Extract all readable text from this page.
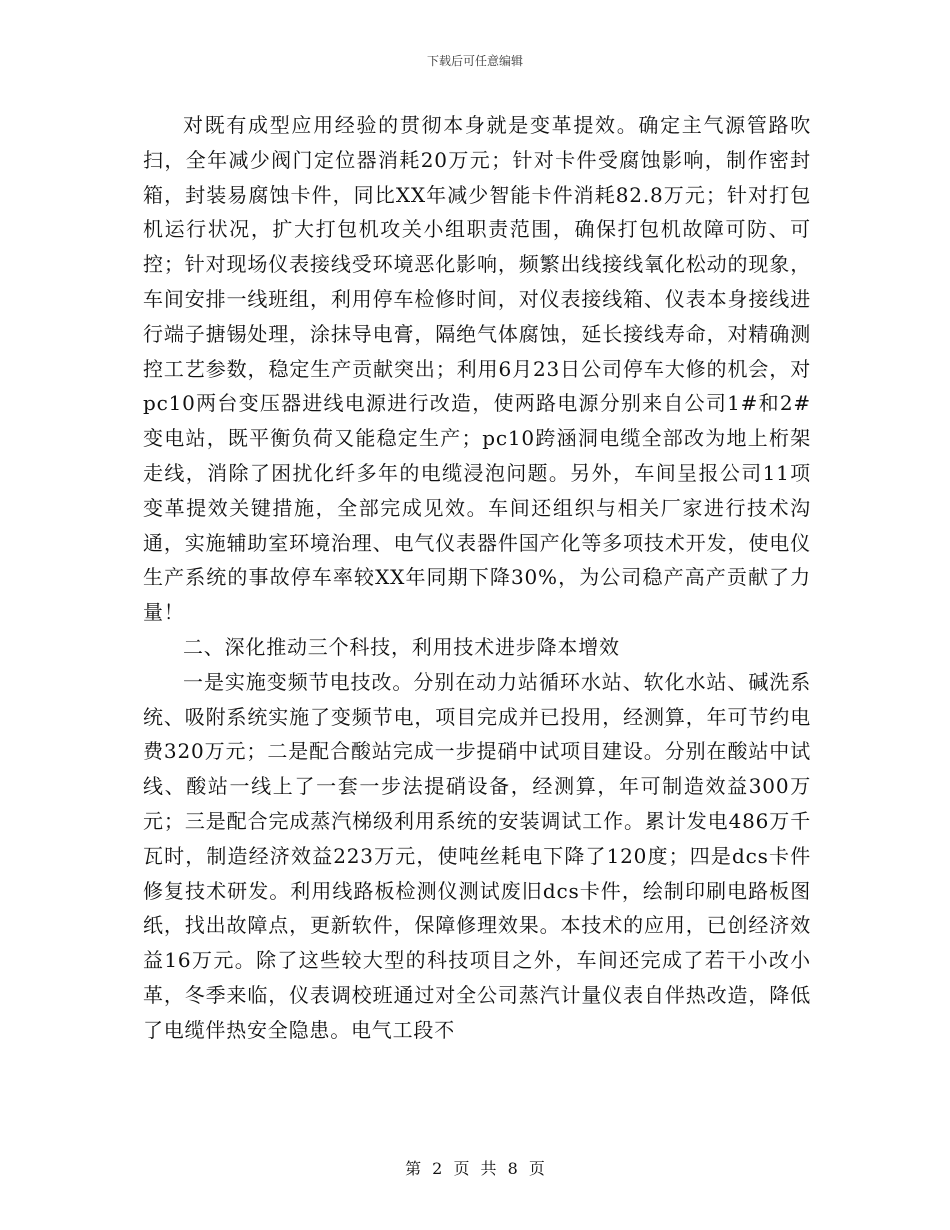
下载后可任意编辑

对既有成型应用经验的贯彻本身就是变革提效。确定主气源管路吹扫，全年减少阀门定位器消耗20万元；针对卡件受腐蚀影响，制作密封箱，封装易腐蚀卡件，同比XX年减少智能卡件消耗82.8万元；针对打包机运行状况，扩大打包机攻关小组职责范围，确保打包机故障可防、可控；针对现场仪表接线受环境恶化影响，频繁出线接线氧化松动的现象，车间安排一线班组，利用停车检修时间，对仪表接线箱、仪表本身接线进行端子搪锡处理，涂抹导电膏，隔绝气体腐蚀，延长接线寿命，对精确测控工艺参数，稳定生产贡献突出；利用6月23日公司停车大修的机会，对pc10两台变压器进线电源进行改造，使两路电源分别来自公司1#和2#变电站，既平衡负荷又能稳定生产；pc10跨涵洞电缆全部改为地上桁架走线，消除了困扰化纤多年的电缆浸泡问题。另外，车间呈报公司11项变革提效关键措施，全部完成见效。车间还组织与相关厂家进行技术沟通，实施辅助室环境治理、电气仪表器件国产化等多项技术开发，使电仪生产系统的事故停车率较XX年同期下降30%，为公司稳产高产贡献了力量！

二、深化推动三个科技，利用技术进步降本增效

一是实施变频节电技改。分别在动力站循环水站、软化水站、碱洗系统、吸附系统实施了变频节电，项目完成并已投用，经测算，年可节约电费320万元；二是配合酸站完成一步提硝中试项目建设。分别在酸站中试线、酸站一线上了一套一步法提硝设备，经测算，年可制造效益300万元；三是配合完成蒸汽梯级利用系统的安装调试工作。累计发电486万千瓦时，制造经济效益223万元，使吨丝耗电下降了120度；四是dcs卡件修复技术研发。利用线路板检测仪测试废旧dcs卡件，绘制印刷电路板图纸，找出故障点，更新软件，保障修理效果。本技术的应用，已创经济效益16万元。除了这些较大型的科技项目之外，车间还完成了若干小改小革，冬季来临，仪表调校班通过对全公司蒸汽计量仪表自伴热改造，降低了电缆伴热安全隐患。电气工段不

第 2 页 共 8 页
